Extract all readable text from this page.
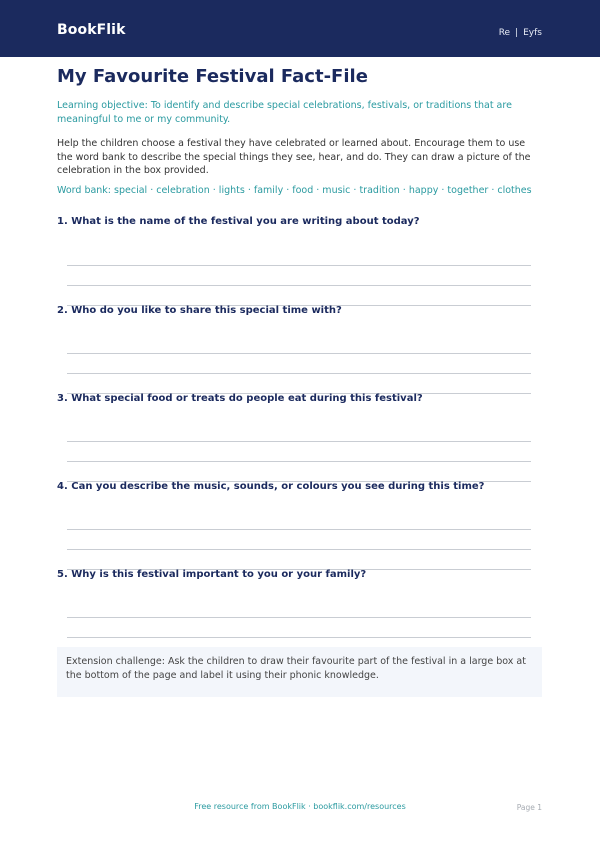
BookFlik	Re | Eyfs
My Favourite Festival Fact-File
Learning objective: To identify and describe special celebrations, festivals, or traditions that are meaningful to me or my community.
Help the children choose a festival they have celebrated or learned about. Encourage them to use the word bank to describe the special things they see, hear, and do. They can draw a picture of the celebration in the box provided.
Word bank: special · celebration · lights · family · food · music · tradition · happy · together · clothes
1. What is the name of the festival you are writing about today?
2. Who do you like to share this special time with?
3. What special food or treats do people eat during this festival?
4. Can you describe the music, sounds, or colours you see during this time?
5. Why is this festival important to you or your family?
Extension challenge: Ask the children to draw their favourite part of the festival in a large box at the bottom of the page and label it using their phonic knowledge.
Free resource from BookFlik · bookflik.com/resources	Page 1
